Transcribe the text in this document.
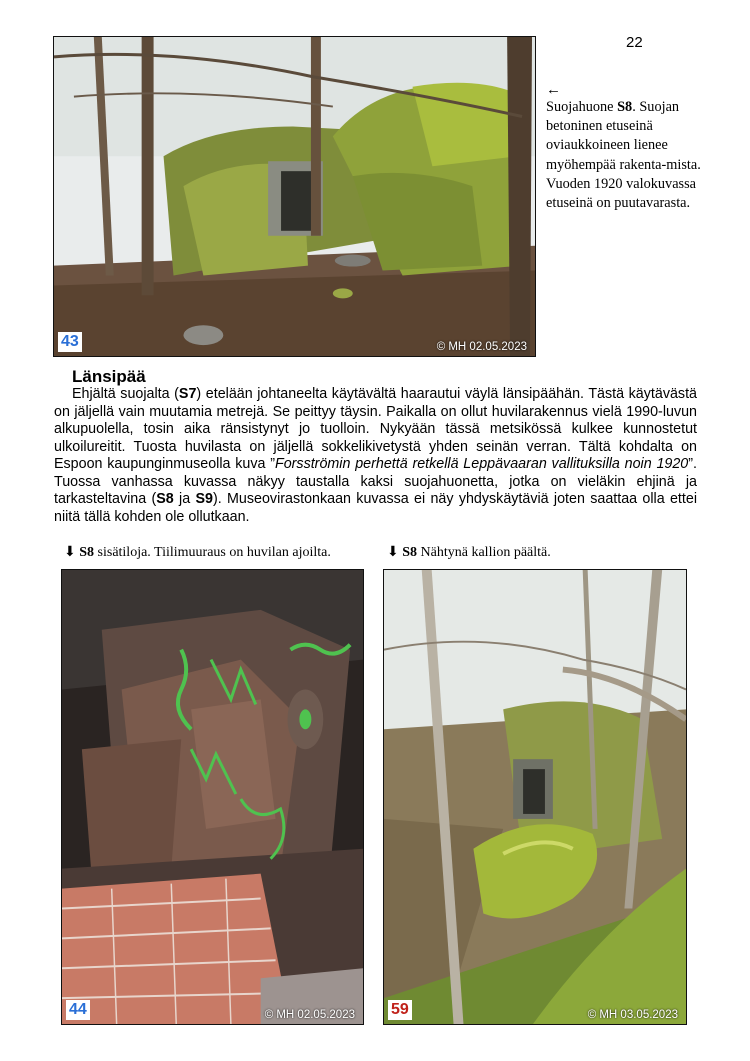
22
43	© MH 02.05.2023
←
Suojahuone S8. Suojan betoninen etuseinä oviaukkoineen lienee myöhempää rakenta-mista. Vuoden 1920 valokuvassa etuseinä on puutavarasta.
Länsipää

Ehjältä suojalta (S7) etelään johtaneelta käytävältä haarautui väylä länsipäähän. Tästä käytävästä on jäljellä vain muutamia metrejä. Se peittyy täysin. Paikalla on ollut huvilarakennus vielä 1990-luvun alkupuolella, tosin aika ränsistynyt jo tuolloin. Nykyään tässä metsikössä kulkee kunnostetut ulkoilureitit. Tuosta huvilasta on jäljellä sokkelikivetystä yhden seinän verran. Tältä kohdalta on Espoon kaupunginmuseolla kuva ”Forsströmin perhettä retkellä Leppävaaran vallituksilla noin 1920”. Tuossa vanhassa kuvassa näkyy taustalla kaksi suojahuonetta, jotka on vieläkin ehjinä ja tarkasteltavina (S8 ja S9). Museovirastonkaan kuvassa ei näy yhdyskäytäviä joten saattaa olla ettei niitä tällä kohden ole ollutkaan.

⬇ S8 sisätiloja. Tiilimuuraus on huvilan ajoilta.	⬇ S8 Nähtynä kallion päältä.
44	© MH 02.05.2023 59	© MH 03.05.2023
